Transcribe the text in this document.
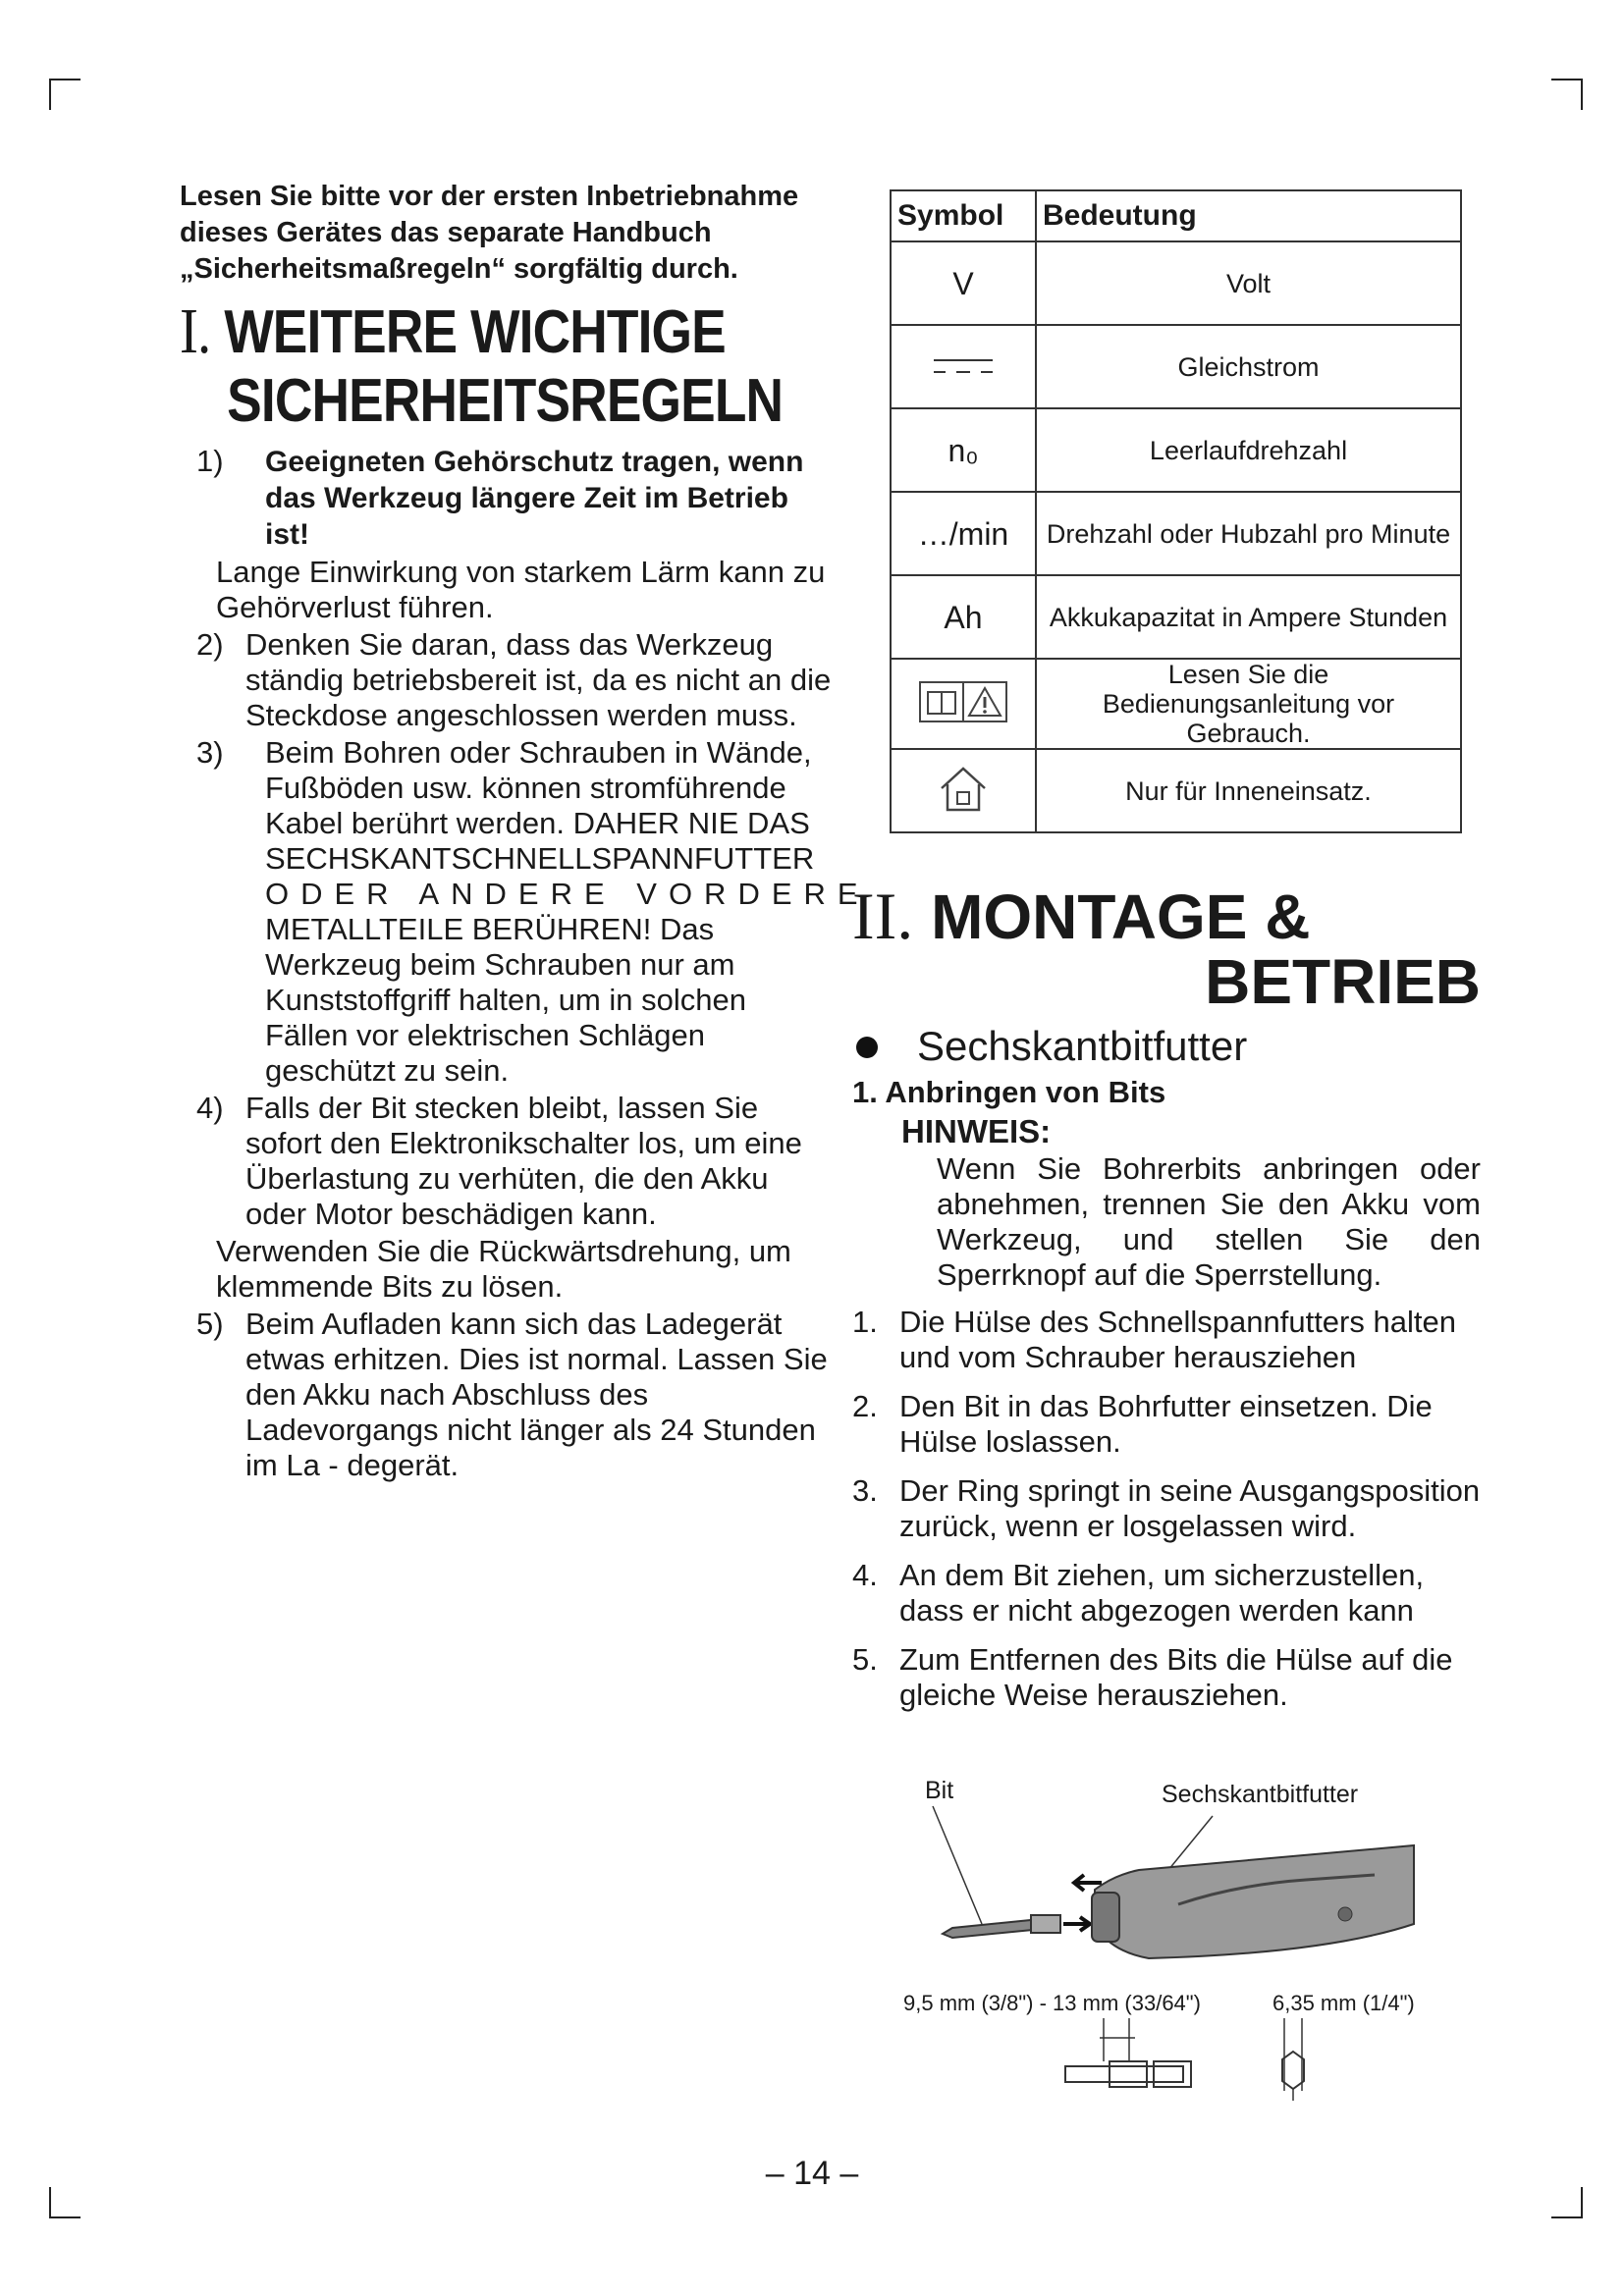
Lesen Sie bitte vor der ersten Inbetriebnahme dieses Gerätes das separate Handbuch „Sicherheitsmaßregeln“ sorgfältig durch.

I. WEITERE WICHTIGE
SICHERHEITSREGELN
1) Geeigneten Gehörschutz tragen, wenn das Werkzeug längere Zeit im Betrieb ist!
Lange Einwirkung von starkem Lärm kann zu Gehörverlust führen.
2) Denken Sie daran, dass das Werkzeug ständig betriebsbereit ist, da es nicht an die Steckdose angeschlossen werden muss.
3) Beim Bohren oder Schrauben in Wände, Fußböden usw. können stromführende Kabel berührt werden. DAHER NIE DAS SECHSKANTSCHNELLSPANNFUTTER
ODER ANDERE VORDERE
METALLTEILE BERÜHREN! Das Werkzeug beim Schrauben nur am Kunststoffgriff halten, um in solchen Fällen vor elektrischen Schlägen geschützt zu sein.
4) Falls der Bit stecken bleibt, lassen Sie sofort den Elektronikschalter los, um eine Überlastung zu verhüten, die den Akku oder Motor beschädigen kann.
Verwenden Sie die Rückwärtsdrehung, um klemmende Bits zu lösen.
5) Beim Aufladen kann sich das Ladegerät etwas erhitzen. Dies ist normal. Lassen Sie den Akku nach Abschluss des Ladevorgangs nicht länger als 24 Stunden im La - degerät.
Symbol	Bedeutung
V	Volt
	Gleichstrom
n₀	Leerlaufdrehzahl
…/min	Drehzahl oder Hubzahl pro Minute
Ah	Akkukapazitat in Ampere Stunden
	Lesen Sie die Bedienungsanleitung vor Gebrauch.
	Nur für Inneneinsatz.
II. MONTAGE &
BETRIEB

Sechskantbitfutter

1. Anbringen von Bits

HINWEIS:

Wenn Sie Bohrerbits anbringen oder abnehmen, trennen Sie den Akku vom Werkzeug, und stellen Sie den Sperrknopf auf die Sperrstellung.

1. Die Hülse des Schnellspannfutters halten und vom Schrauber herausziehen
2. Den Bit in das Bohrfutter einsetzen. Die Hülse loslassen.
3. Der Ring springt in seine Ausgangsposition zurück, wenn er losgelassen wird.
4. An dem Bit ziehen, um sicherzustellen, dass er nicht abgezogen werden kann
5. Zum Entfernen des Bits die Hülse auf die gleiche Weise herausziehen.
Bit	Sechskantbitfutter
9,5 mm (3/8") - 13 mm (33/64")	6,35 mm (1/4")
– 14 –
